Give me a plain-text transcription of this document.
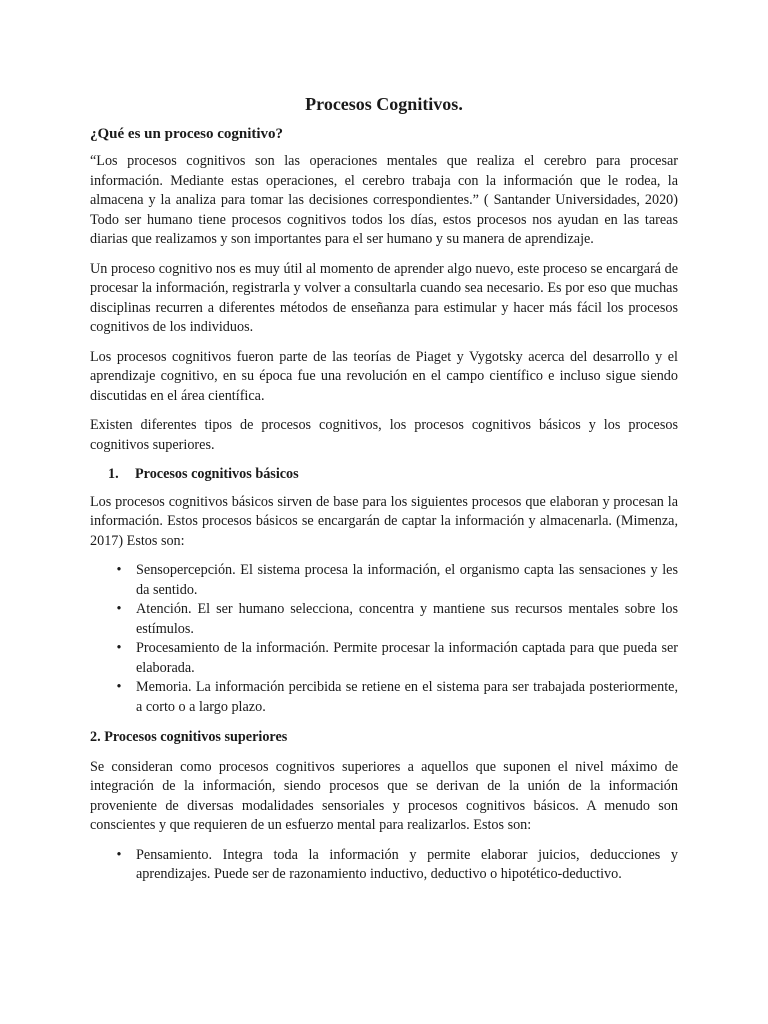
Procesos Cognitivos.
¿Qué es un proceso cognitivo?

“Los procesos cognitivos son las operaciones mentales que realiza el cerebro para procesar información. Mediante estas operaciones, el cerebro trabaja con la información que le rodea, la almacena y la analiza para tomar las decisiones correspondientes.” ( Santander Universidades, 2020) Todo ser humano tiene procesos cognitivos todos los días, estos procesos nos ayudan en las tareas diarias que realizamos y son importantes para el ser humano y su manera de aprendizaje.

Un proceso cognitivo nos es muy útil al momento de aprender algo nuevo, este proceso se encargará de procesar la información, registrarla y volver a consultarla cuando sea necesario. Es por eso que muchas disciplinas recurren a diferentes métodos de enseñanza para estimular y hacer más fácil los procesos cognitivos de los individuos.

Los procesos cognitivos fueron parte de las teorías de Piaget y Vygotsky acerca del desarrollo y el aprendizaje cognitivo, en su época fue una revolución en el campo científico e incluso sigue siendo discutidas en el área científica.

Existen diferentes tipos de procesos cognitivos, los procesos cognitivos básicos y los procesos cognitivos superiores.

1. Procesos cognitivos básicos

Los procesos cognitivos básicos sirven de base para los siguientes procesos que elaboran y procesan la información. Estos procesos básicos se encargarán de captar la información y almacenarla. (Mimenza, 2017) Estos son:

• Sensopercepción. El sistema procesa la información, el organismo capta las sensaciones y les da sentido.
• Atención. El ser humano selecciona, concentra y mantiene sus recursos mentales sobre los estímulos.
• Procesamiento de la información. Permite procesar la información captada para que pueda ser elaborada.
• Memoria. La información percibida se retiene en el sistema para ser trabajada posteriormente, a corto o a largo plazo.
2. Procesos cognitivos superiores

Se consideran como procesos cognitivos superiores a aquellos que suponen el nivel máximo de integración de la información, siendo procesos que se derivan de la unión de la información proveniente de diversas modalidades sensoriales y procesos cognitivos básicos. A menudo son conscientes y que requieren de un esfuerzo mental para realizarlos. Estos son:

• Pensamiento. Integra toda la información y permite elaborar juicios, deducciones y aprendizajes. Puede ser de razonamiento inductivo, deductivo o hipotético-deductivo.
